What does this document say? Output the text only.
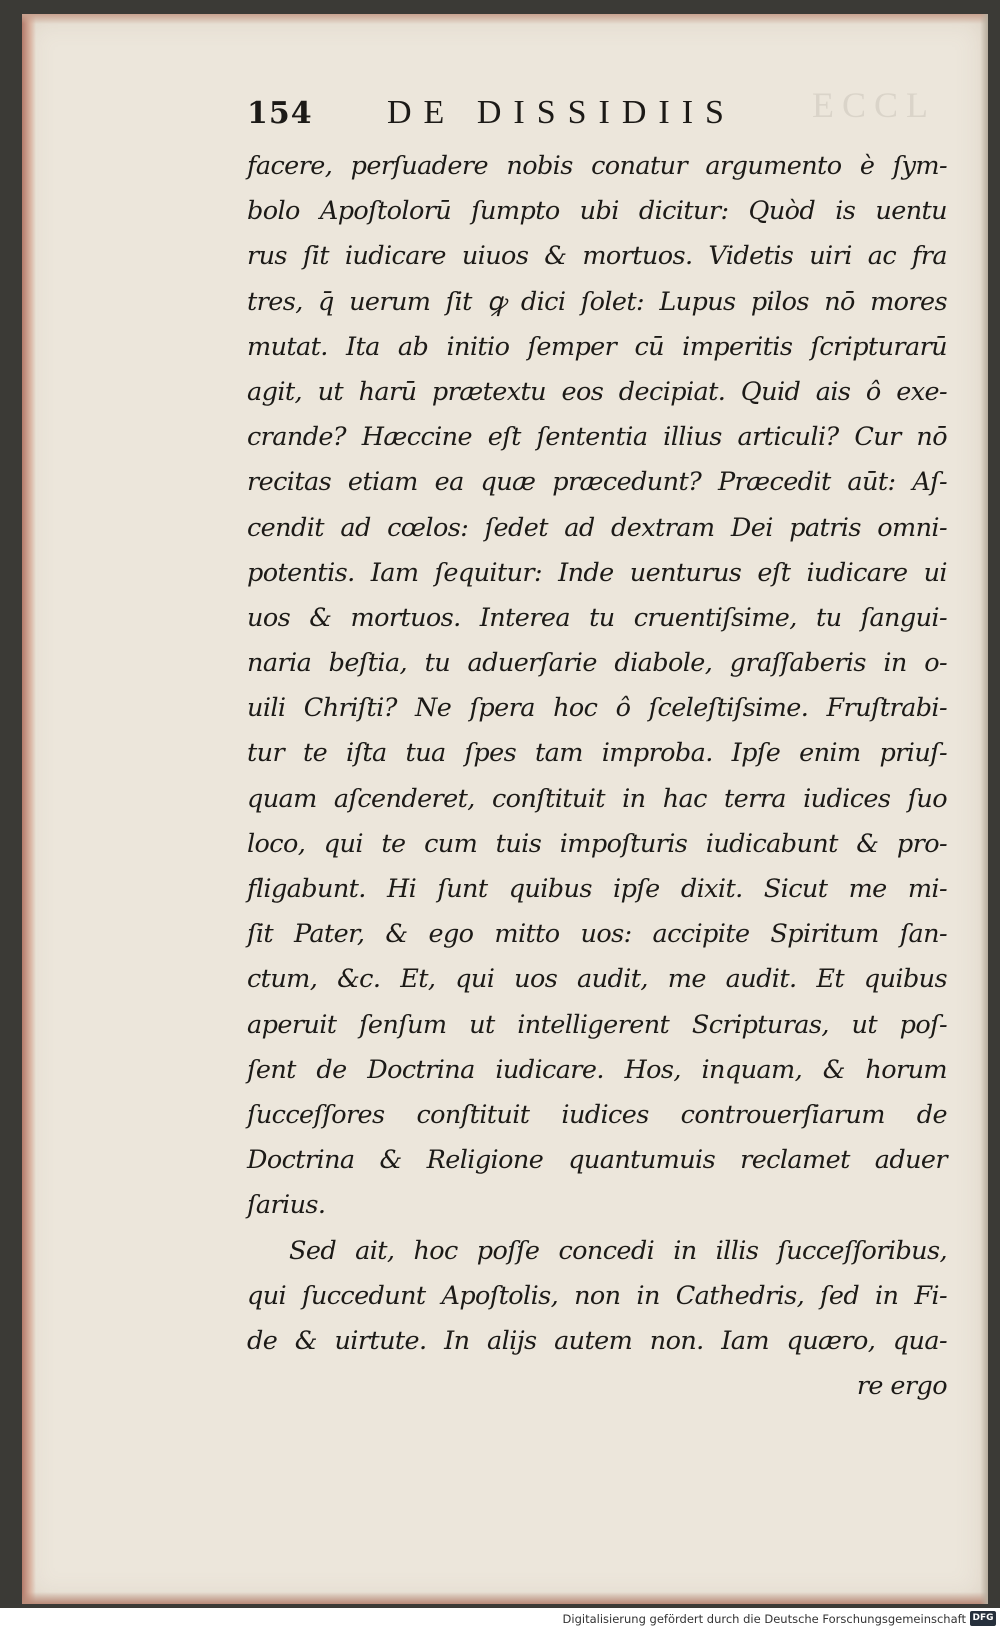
ECCL
154	DE DISSIDIIS
facere, perſuadere nobis conatur argumento è ſym-
bolo Apoſtolorū ſumpto ubi dicitur: Quòd is uentu
rus ſit iudicare uiuos & mortuos. Videtis uiri ac fra
tres, q̄ uerum ſit ꝙ dici ſolet: Lupus pilos nō mores
mutat. Ita ab initio ſemper cū imperitis ſcripturarū
agit, ut harū prætextu eos decipiat. Quid ais ô exe-
crande? Hæccine eſt ſententia illius articuli? Cur nō
recitas etiam ea quæ præcedunt? Præcedit aūt: Aſ-
cendit ad cœlos: ſedet ad dextram Dei patris omni-
potentis. Iam ſequitur: Inde uenturus eſt iudicare ui
uos & mortuos. Interea tu cruentiſsime, tu ſangui-
naria beſtia, tu aduerſarie diabole, graſſaberis in o-
uili Chriſti? Ne ſpera hoc ô ſceleſtiſsime. Fruſtrabi-
tur te iſta tua ſpes tam improba. Ipſe enim priuſ-
quam aſcenderet, conſtituit in hac terra iudices ſuo
loco, qui te cum tuis impoſturis iudicabunt & pro-
fligabunt. Hi ſunt quibus ipſe dixit. Sicut me mi-
ſit Pater, & ego mitto uos: accipite Spiritum ſan-
ctum, &c. Et, qui uos audit, me audit. Et quibus
aperuit ſenſum ut intelligerent Scripturas, ut poſ-
ſent de Doctrina iudicare. Hos, inquam, & horum
ſucceſſores conſtituit iudices controuerſiarum de
Doctrina & Religione quantumuis reclamet aduer
ſarius.
Sed ait, hoc poſſe concedi in illis ſucceſſoribus,
qui ſuccedunt Apoſtolis, non in Cathedris, ſed in Fi-
de & uirtute. In alijs autem non. Iam quæro, qua-
re ergo
Digitalisierung gefördert durch die Deutsche Forschungsgemeinschaft DFG
